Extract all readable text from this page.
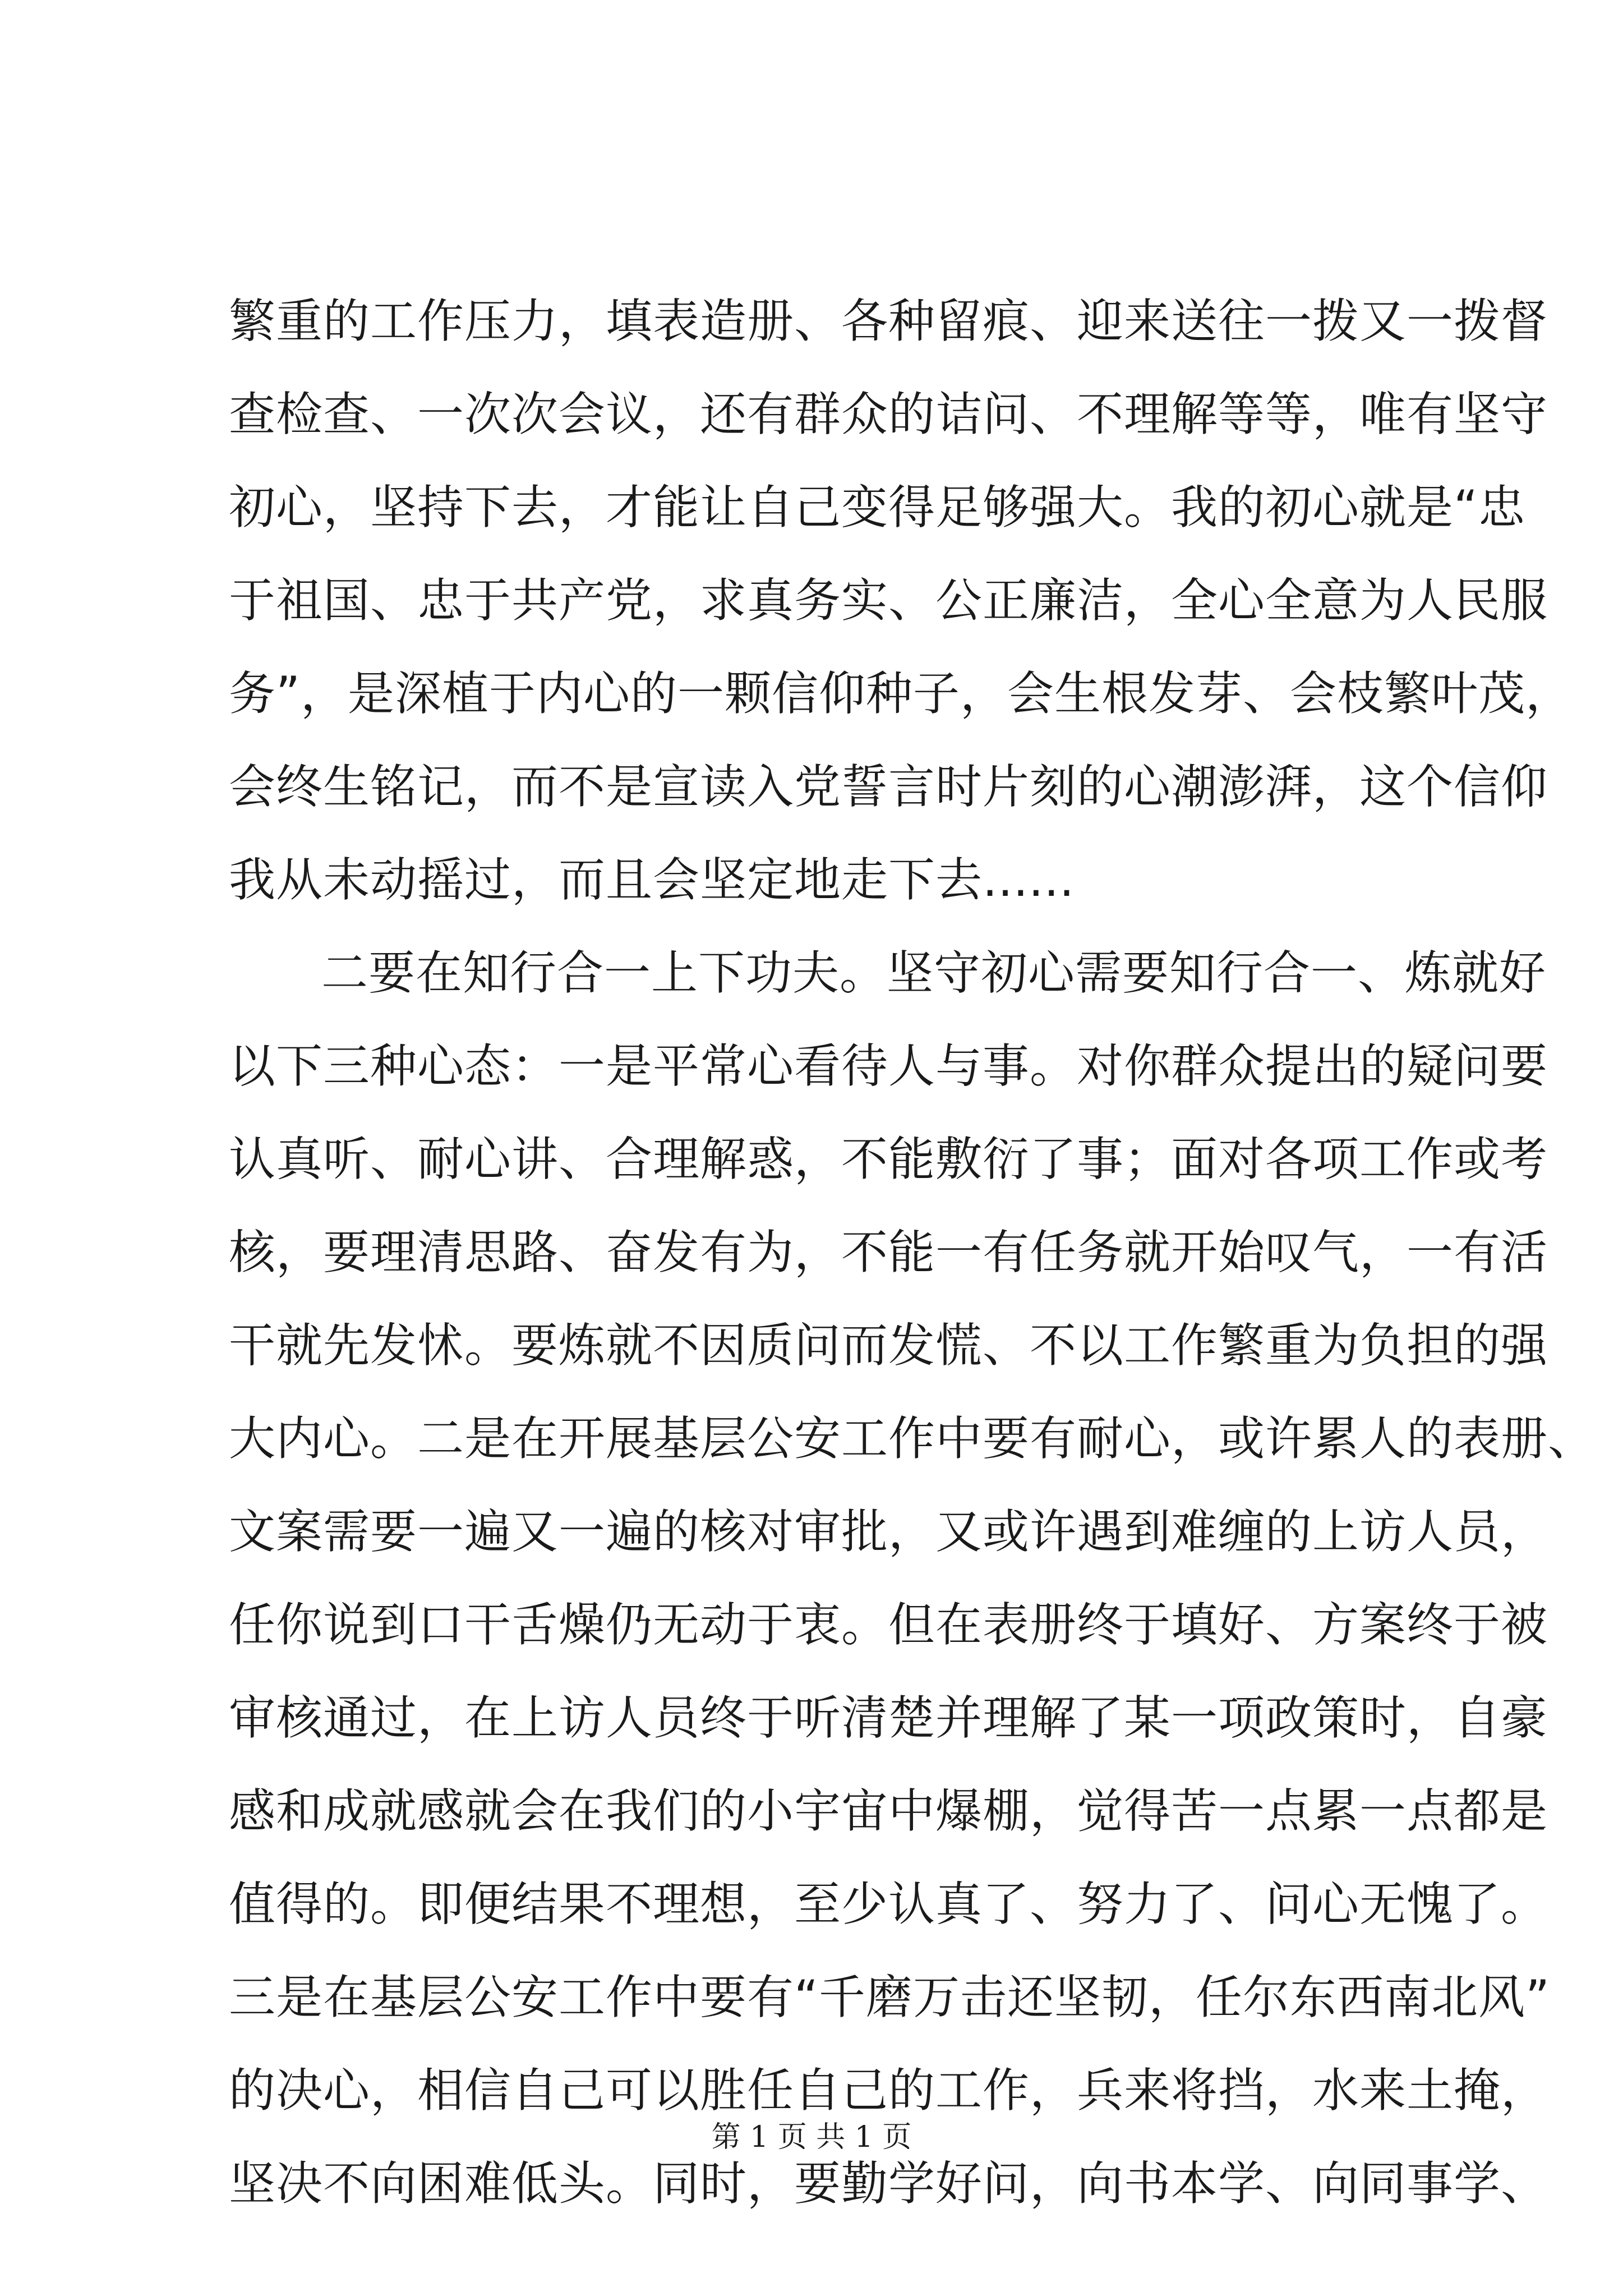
繁重的工作压力，填表造册、各种留痕、迎来送往一拨又一拨督
查检查、一次次会议，还有群众的诘问、不理解等等，唯有坚守
初心，坚持下去，才能让自己变得足够强大。我的初心就是“忠
于祖国、忠于共产党，求真务实、公正廉洁，全心全意为人民服
务”，是深植于内心的一颗信仰种子，会生根发芽、会枝繁叶茂，
会终生铭记，而不是宣读入党誓言时片刻的心潮澎湃，这个信仰
我从未动摇过，而且会坚定地走下去......
二要在知行合一上下功夫。坚守初心需要知行合一、炼就好
以下三种心态：一是平常心看待人与事。对你群众提出的疑问要
认真听、耐心讲、合理解惑，不能敷衍了事；面对各项工作或考
核，要理清思路、奋发有为，不能一有任务就开始叹气，一有活
干就先发怵。要炼就不因质问而发慌、不以工作繁重为负担的强
大内心。二是在开展基层公安工作中要有耐心，或许累人的表册、
文案需要一遍又一遍的核对审批，又或许遇到难缠的上访人员，
任你说到口干舌燥仍无动于衷。但在表册终于填好、方案终于被
审核通过，在上访人员终于听清楚并理解了某一项政策时，自豪
感和成就感就会在我们的小宇宙中爆棚，觉得苦一点累一点都是
值得的。即便结果不理想，至少认真了、努力了、问心无愧了。
三是在基层公安工作中要有“千磨万击还坚韧，任尔东西南北风”
的决心，相信自己可以胜任自己的工作，兵来将挡，水来土掩，
坚决不向困难低头。同时，要勤学好问，向书本学、向同事学、
第 1 页 共 1 页
